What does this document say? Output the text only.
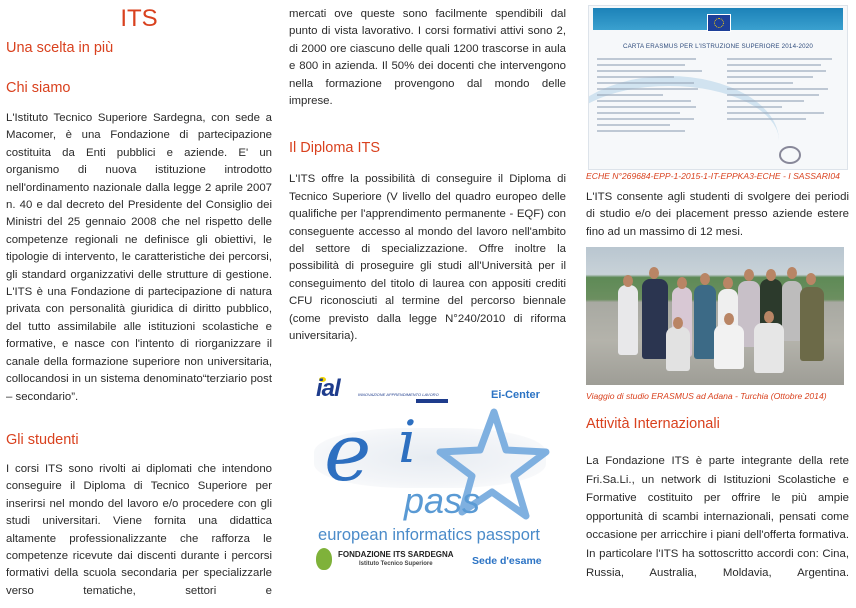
ITS
Una scelta in più
Chi siamo

L'Istituto Tecnico Superiore Sardegna, con sede a Macomer, è una Fondazione di partecipazione costituita da Enti pubblici e aziende. E' un organismo di nuova istituzione introdotto nell'ordinamento nazionale dalla legge 2 aprile 2007 n. 40 e dal decreto del Presidente del Consiglio dei Ministri del 25 gennaio 2008 che nel rispetto delle competenze regionali ne definisce gli obiettivi, le tipologie di intervento, le caratteristiche dei percorsi, gli standard organizzativi delle strutture di gestione. L'ITS è una Fondazione di partecipazione di natura privata con personalità giuridica di diritto pubblico, del tutto assimilabile alle istituzioni scolastiche e formative, e nasce con l'intento di riorganizzare il canale della formazione superiore non universitaria, collocandosi in un sistema denominato“terziario post – secondario”.

Gli studenti

I corsi ITS sono rivolti ai diplomati che intendono conseguire il Diploma di Tecnico Superiore per inserirsi nel mondo del lavoro e/o procedere con gli studi universitari. Viene fornita una didattica altamente professionalizzante che rafforza le competenze ricevute dai discenti durante i percorsi formativi della scuola secondaria per specializzarle verso tematiche, settori e

mercati ove queste sono facilmente spendibili dal punto di vista lavorativo. I corsi formativi attivi sono 2, di 2000 ore ciascuno delle quali 1200 trascorse in aula e 800 in azienda. Il 50% dei docenti che intervengono nella formazione provengono dal mondo delle imprese.

Il Diploma ITS

L'ITS offre la possibilità di conseguire il Diploma di Tecnico Superiore (V livello del quadro europeo delle qualifiche per l'apprendimento permanente - EQF) con conseguente accesso al mondo del lavoro nell'ambito del settore di specializzazione. Offre inoltre la possibilità di proseguire gli studi all'Università per il conseguimento del titolo di laurea con appositi crediti CFU riconosciuti al termine del percorso biennale (come previsto dalla legge N°240/2010 di riforma universitaria).

ial	INNOVAZIONE APPRENDIMENTO LAVORO	Ei-Center
e i
pass
european informatics passport
FONDAZIONE ITS SARDEGNA
Istituto Tecnico Superiore	Sede d'esame
CARTA ERASMUS PER L'ISTRUZIONE SUPERIORE 2014-2020

ECHE N°269684-EPP-1-2015-1-IT-EPPKA3-ECHE - I SASSARI04

L'ITS consente agli studenti di svolgere dei periodi di studio e/o dei placement presso aziende estere fino ad un massimo di 12 mesi.

Viaggio di studio ERASMUS ad Adana - Turchia (Ottobre 2014)

Attività Internazionali

La Fondazione ITS è parte integrante della rete Fri.Sa.Li., un network di Istituzioni Scolastiche e Formative costituito per offrire le più ampie opportunità di scambi internazionali, pensati come occasione per arricchire i piani dell'offerta formativa. In particolare l'ITS ha sottoscritto accordi con: Cina, Russia, Australia, Moldavia, Argentina.
